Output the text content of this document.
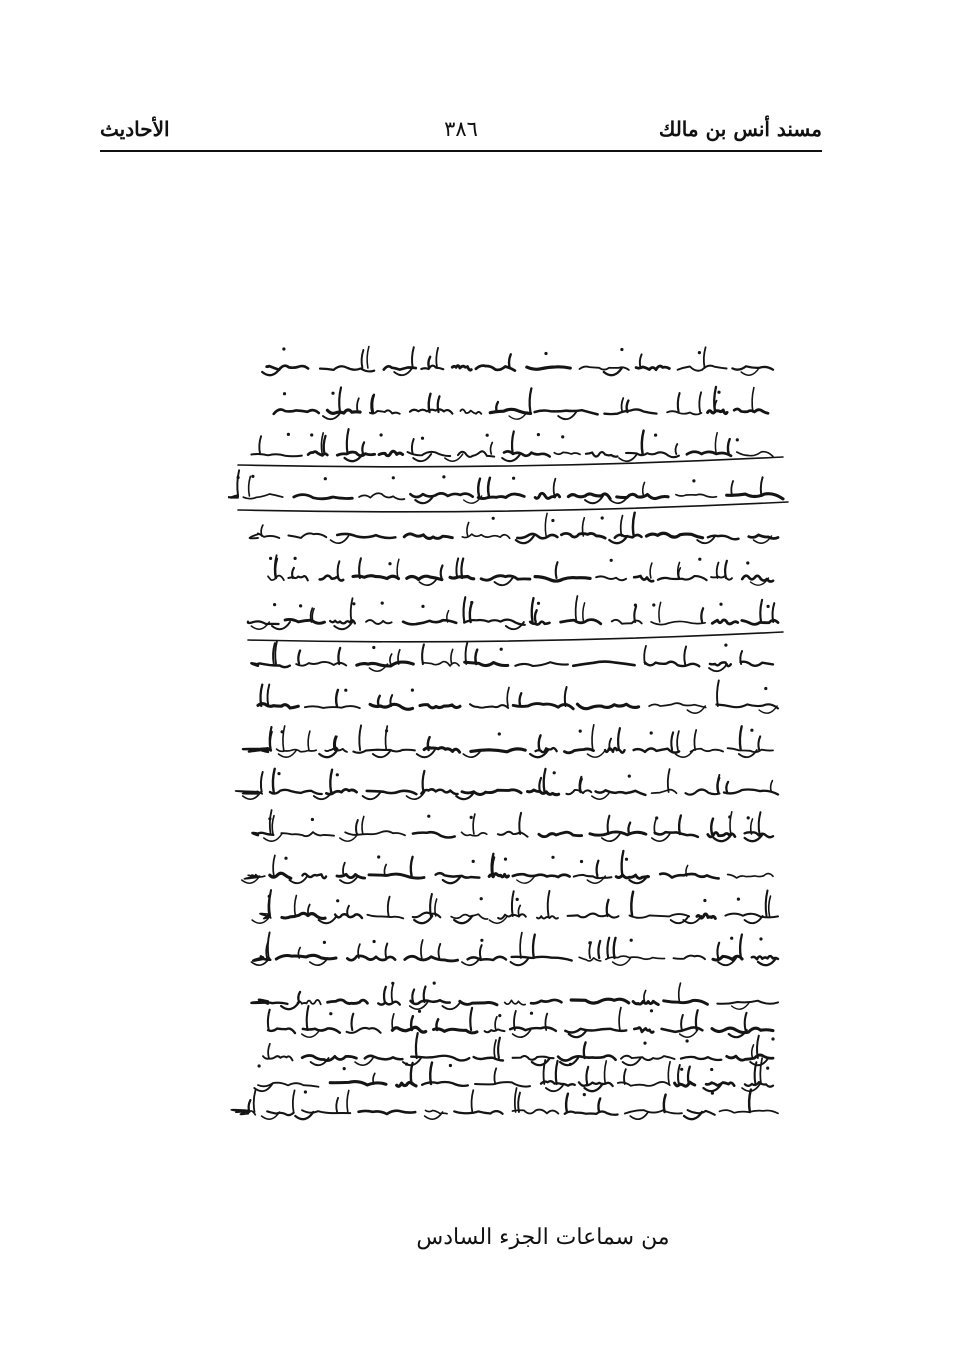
مسند أنس بن مالك
٣٨٦
الأحاديث
من سماعات الجزء السادس
